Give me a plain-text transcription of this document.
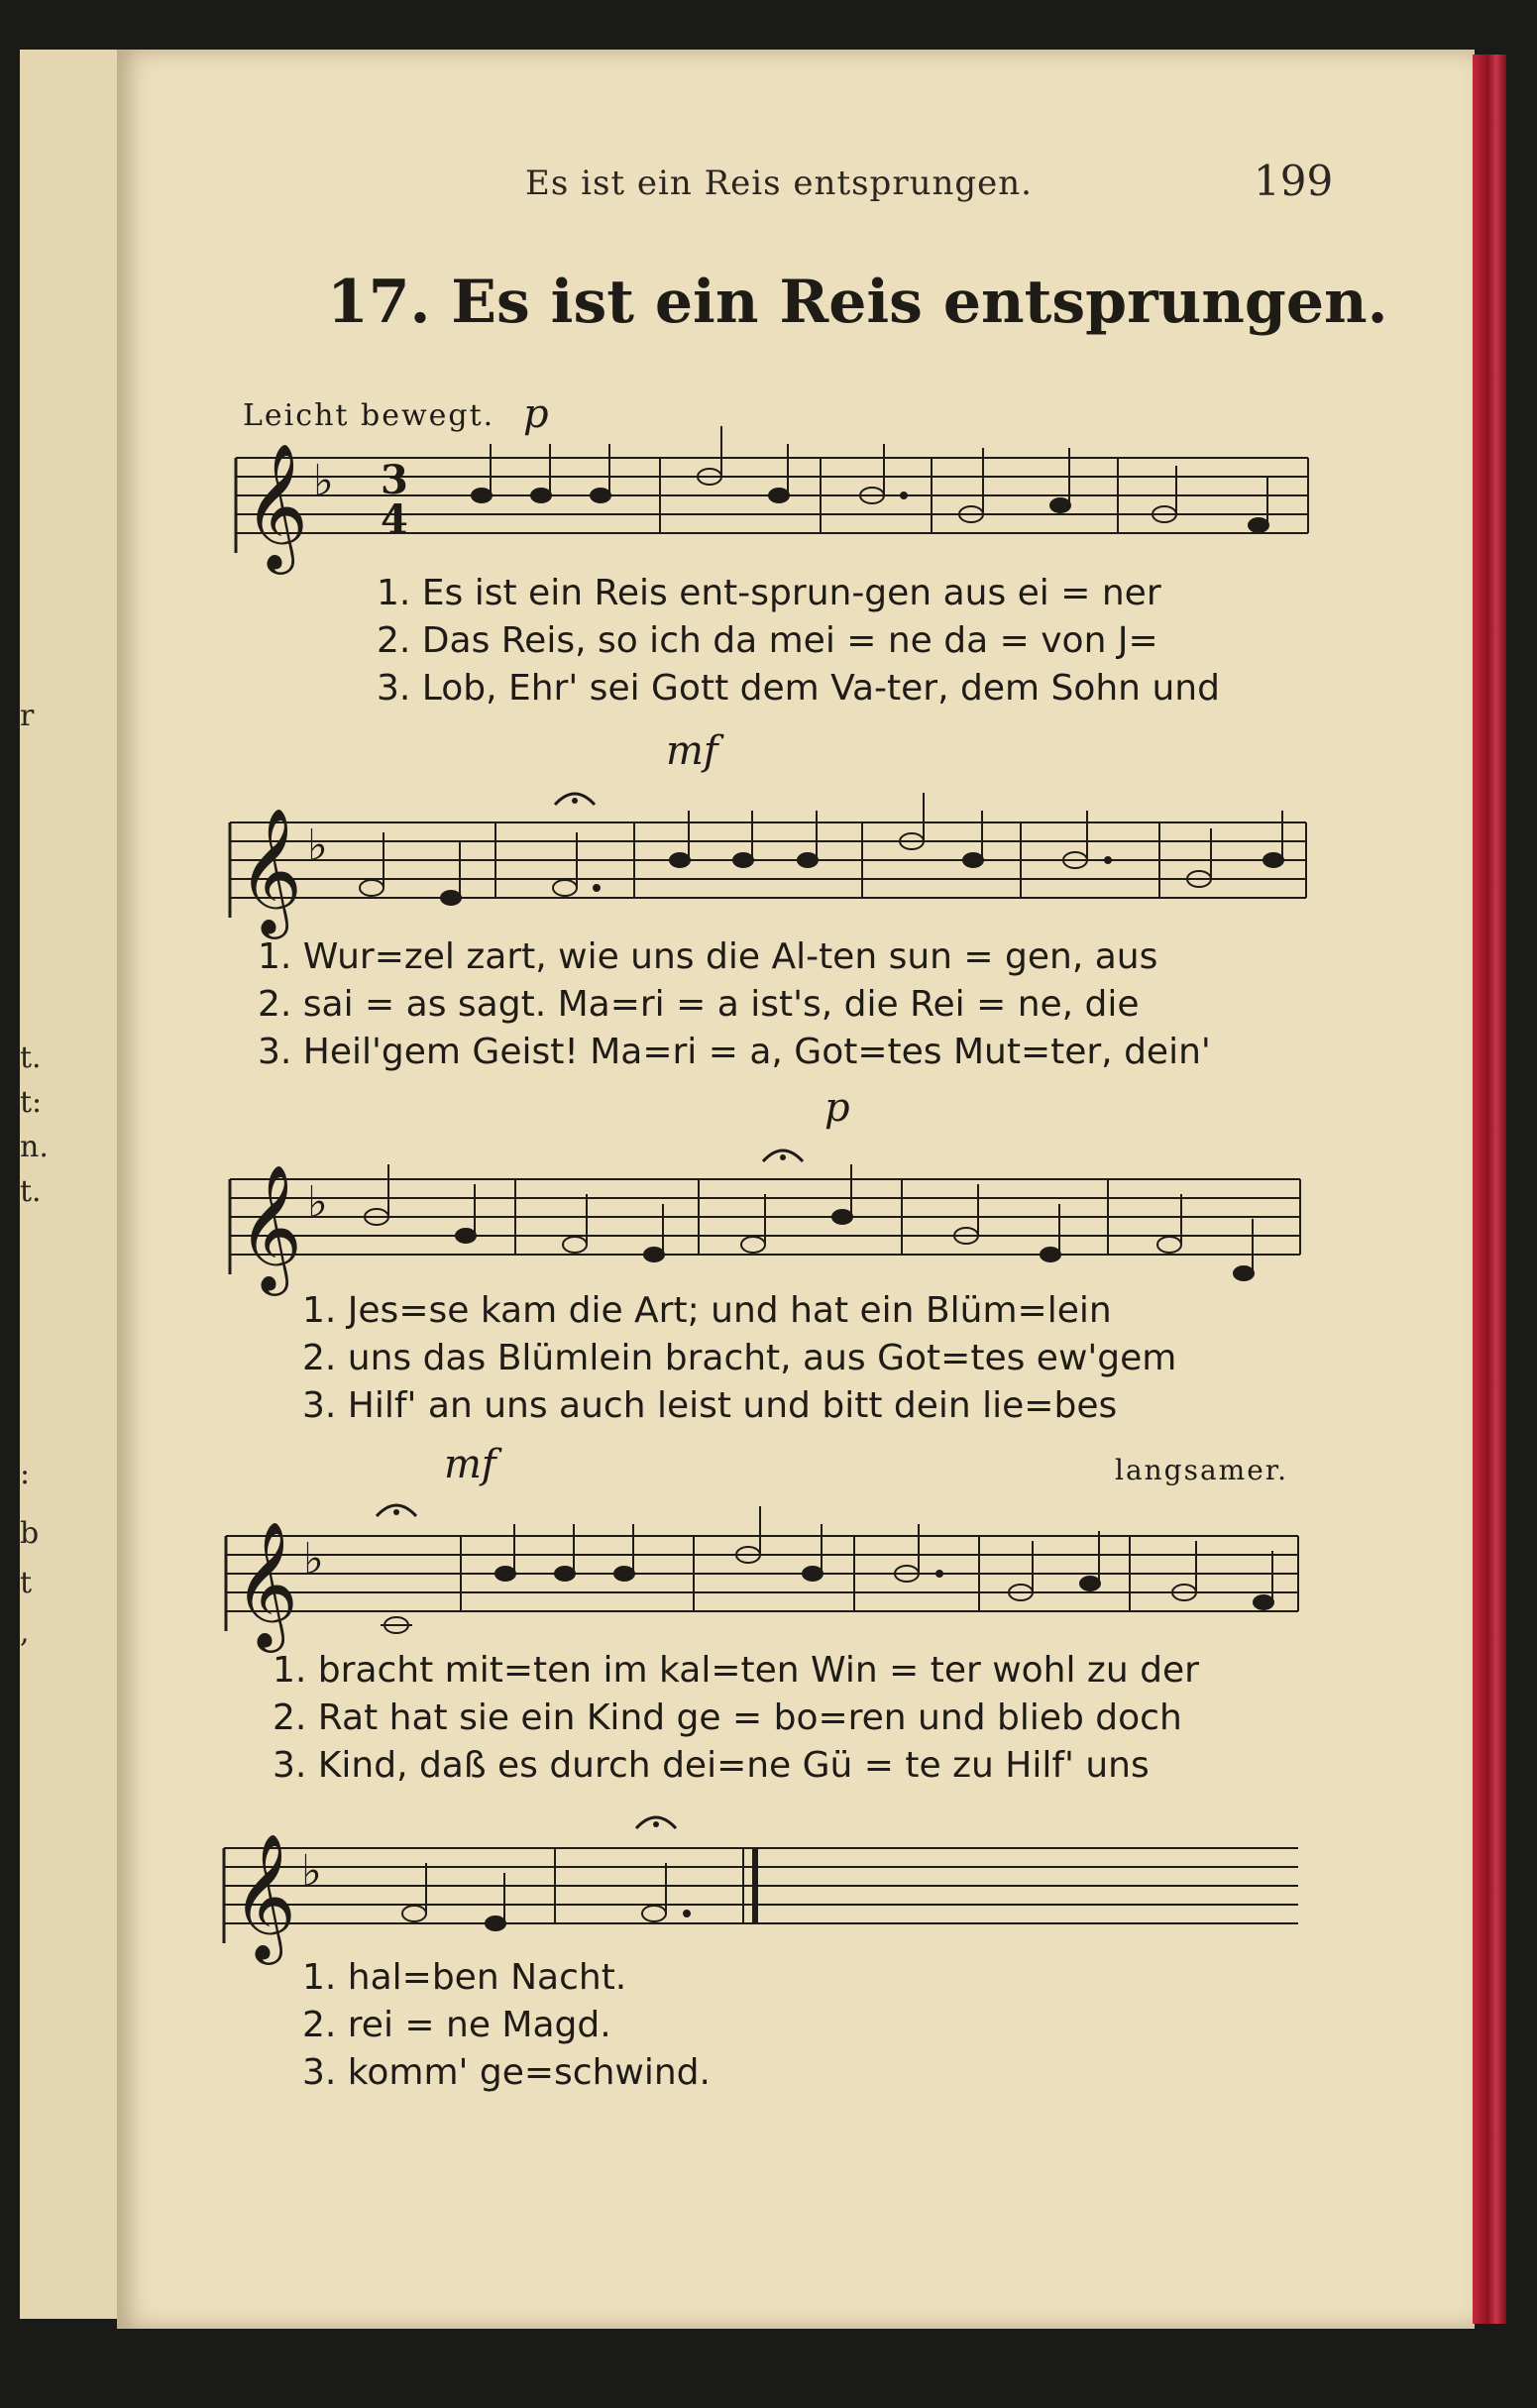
r
t.
t:
n.
t.
:
b
t
,
Es ist ein Reis entsprungen.	199
17. Es ist ein Reis entsprungen.
Leicht bewegt. p
mf
p
mf	langsamer.
𝄞 ♭
𝄞 ♭
𝄞 ♭
𝄞 ♭
𝄞 ♭
3
4
1. Es ist ein Reis ent-sprun-gen aus ei = ner
2. Das Reis, so ich da mei = ne da = von J=
3. Lob, Ehr' sei Gott dem Va-ter, dem Sohn und
1. Wur=zel zart, wie uns die Al-ten sun = gen, aus
2. sai = as sagt. Ma=ri = a ist's, die Rei = ne, die
3. Heil'gem Geist! Ma=ri = a, Got=tes Mut=ter, dein'
1. Jes=se kam die Art; und hat ein Blüm=lein
2. uns das Blümlein bracht, aus Got=tes ew'gem
3. Hilf' an uns auch leist und bitt dein lie=bes
1. bracht mit=ten im kal=ten Win = ter wohl zu der
2. Rat hat sie ein Kind ge = bo=ren und blieb doch
3. Kind, daß es durch dei=ne Gü = te zu Hilf' uns
1. hal=ben Nacht.
2. rei = ne Magd.
3. komm' ge=schwind.
